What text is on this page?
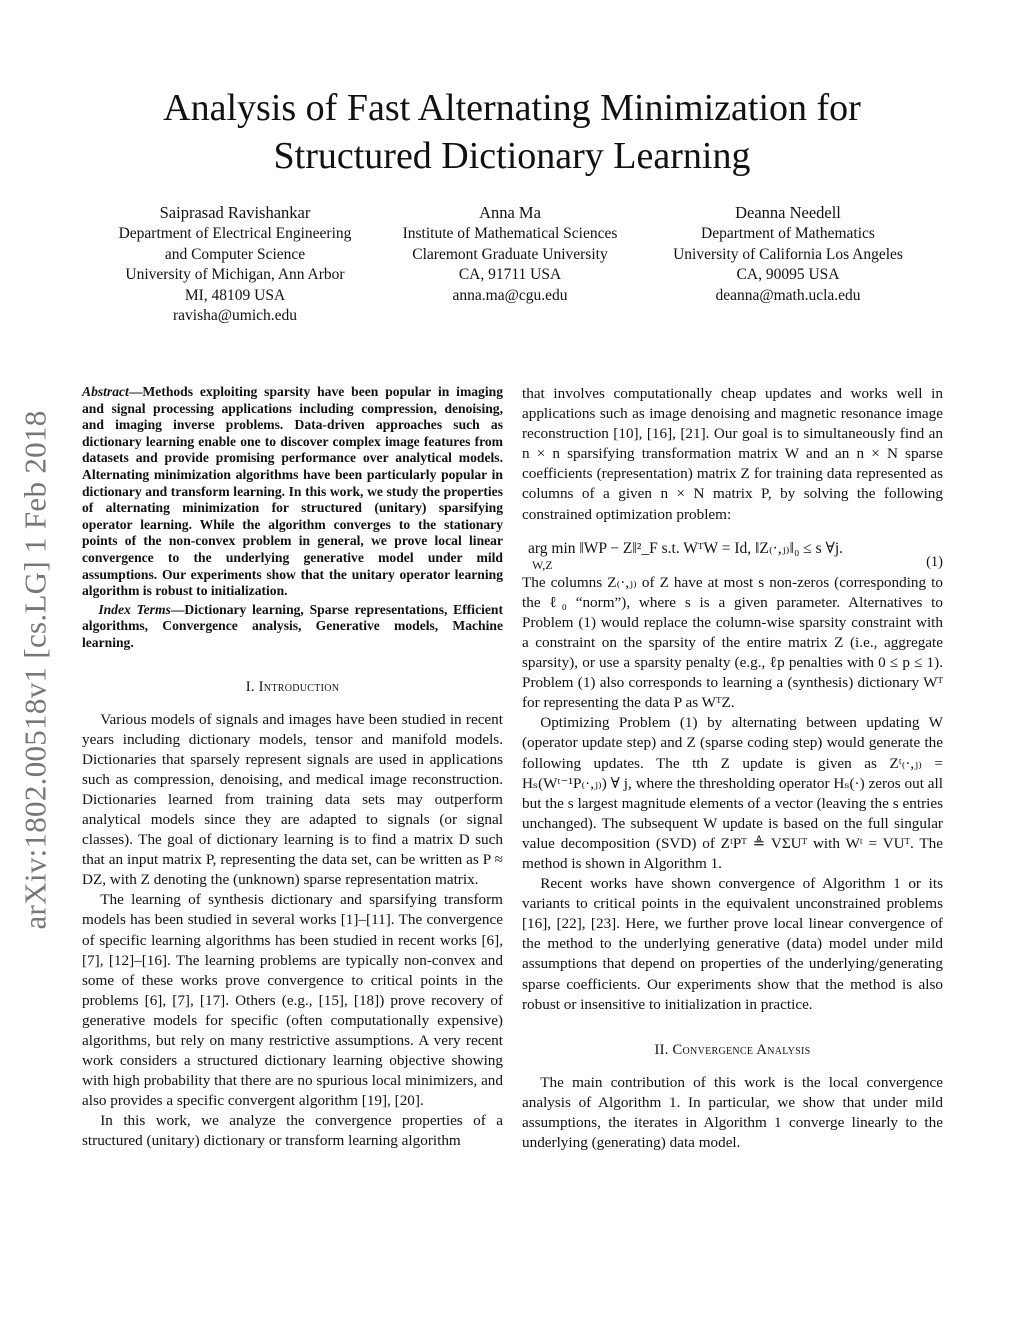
Analysis of Fast Alternating Minimization for
Structured Dictionary Learning
Saiprasad Ravishankar
Department of Electrical Engineering
and Computer Science
University of Michigan, Ann Arbor
MI, 48109 USA
ravisha@umich.edu
Anna Ma
Institute of Mathematical Sciences
Claremont Graduate University
CA, 91711 USA
anna.ma@cgu.edu
Deanna Needell
Department of Mathematics
University of California Los Angeles
CA, 90095 USA
deanna@math.ucla.edu
arXiv:1802.00518v1 [cs.LG] 1 Feb 2018

Abstract—Methods exploiting sparsity have been popular in imaging and signal processing applications including compression, denoising, and imaging inverse problems. Data-driven approaches such as dictionary learning enable one to discover complex image features from datasets and provide promising performance over analytical models. Alternating minimization algorithms have been particularly popular in dictionary and transform learning. In this work, we study the properties of alternating minimization for structured (unitary) sparsifying operator learning. While the algorithm converges to the stationary points of the non-convex problem in general, we prove local linear convergence to the underlying generative model under mild assumptions. Our experiments show that the unitary operator learning algorithm is robust to initialization.

Index Terms—Dictionary learning, Sparse representations, Efficient algorithms, Convergence analysis, Generative models, Machine learning.

I. Introduction

Various models of signals and images have been studied in recent years including dictionary models, tensor and manifold models. Dictionaries that sparsely represent signals are used in applications such as compression, denoising, and medical image reconstruction. Dictionaries learned from training data sets may outperform analytical models since they are adapted to signals (or signal classes). The goal of dictionary learning is to find a matrix D such that an input matrix P, representing the data set, can be written as P ≈ DZ, with Z denoting the (unknown) sparse representation matrix.

The learning of synthesis dictionary and sparsifying transform models has been studied in several works [1]–[11]. The convergence of specific learning algorithms has been studied in recent works [6], [7], [12]–[16]. The learning problems are typically non-convex and some of these works prove convergence to critical points in the problems [6], [7], [17]. Others (e.g., [15], [18]) prove recovery of generative models for specific (often computationally expensive) algorithms, but rely on many restrictive assumptions. A very recent work considers a structured dictionary learning objective showing with high probability that there are no spurious local minimizers, and also provides a specific convergent algorithm [19], [20].

In this work, we analyze the convergence properties of a structured (unitary) dictionary or transform learning algorithm

that involves computationally cheap updates and works well in applications such as image denoising and magnetic resonance image reconstruction [10], [16], [21]. Our goal is to simultaneously find an n × n sparsifying transformation matrix W and an n × N sparse coefficients (representation) matrix Z for training data represented as columns of a given n × N matrix P, by solving the following constrained optimization problem:

arg min ‖WP − Z‖²_F s.t. WᵀW = Id, ‖Z₍·,ⱼ₎‖₀ ≤ s ∀j.
W,Z	(1)

The columns Z₍·,ⱼ₎ of Z have at most s non-zeros (corresponding to the ℓ₀ “norm”), where s is a given parameter. Alternatives to Problem (1) would replace the column-wise sparsity constraint with a constraint on the sparsity of the entire matrix Z (i.e., aggregate sparsity), or use a sparsity penalty (e.g., ℓp penalties with 0 ≤ p ≤ 1). Problem (1) also corresponds to learning a (synthesis) dictionary Wᵀ for representing the data P as WᵀZ.

Optimizing Problem (1) by alternating between updating W (operator update step) and Z (sparse coding step) would generate the following updates. The tth Z update is given as Zᵗ₍·,ⱼ₎ = Hₛ(Wᵗ⁻¹P₍·,ⱼ₎) ∀ j, where the thresholding operator Hₛ(·) zeros out all but the s largest magnitude elements of a vector (leaving the s entries unchanged). The subsequent W update is based on the full singular value decomposition (SVD) of ZᵗPᵀ ≜ VΣUᵀ with Wᵗ = VUᵀ. The method is shown in Algorithm 1.

Recent works have shown convergence of Algorithm 1 or its variants to critical points in the equivalent unconstrained problems [16], [22], [23]. Here, we further prove local linear convergence of the method to the underlying generative (data) model under mild assumptions that depend on properties of the underlying/generating sparse coefficients. Our experiments show that the method is also robust or insensitive to initialization in practice.

II. Convergence Analysis

The main contribution of this work is the local convergence analysis of Algorithm 1. In particular, we show that under mild assumptions, the iterates in Algorithm 1 converge linearly to the underlying (generating) data model.
